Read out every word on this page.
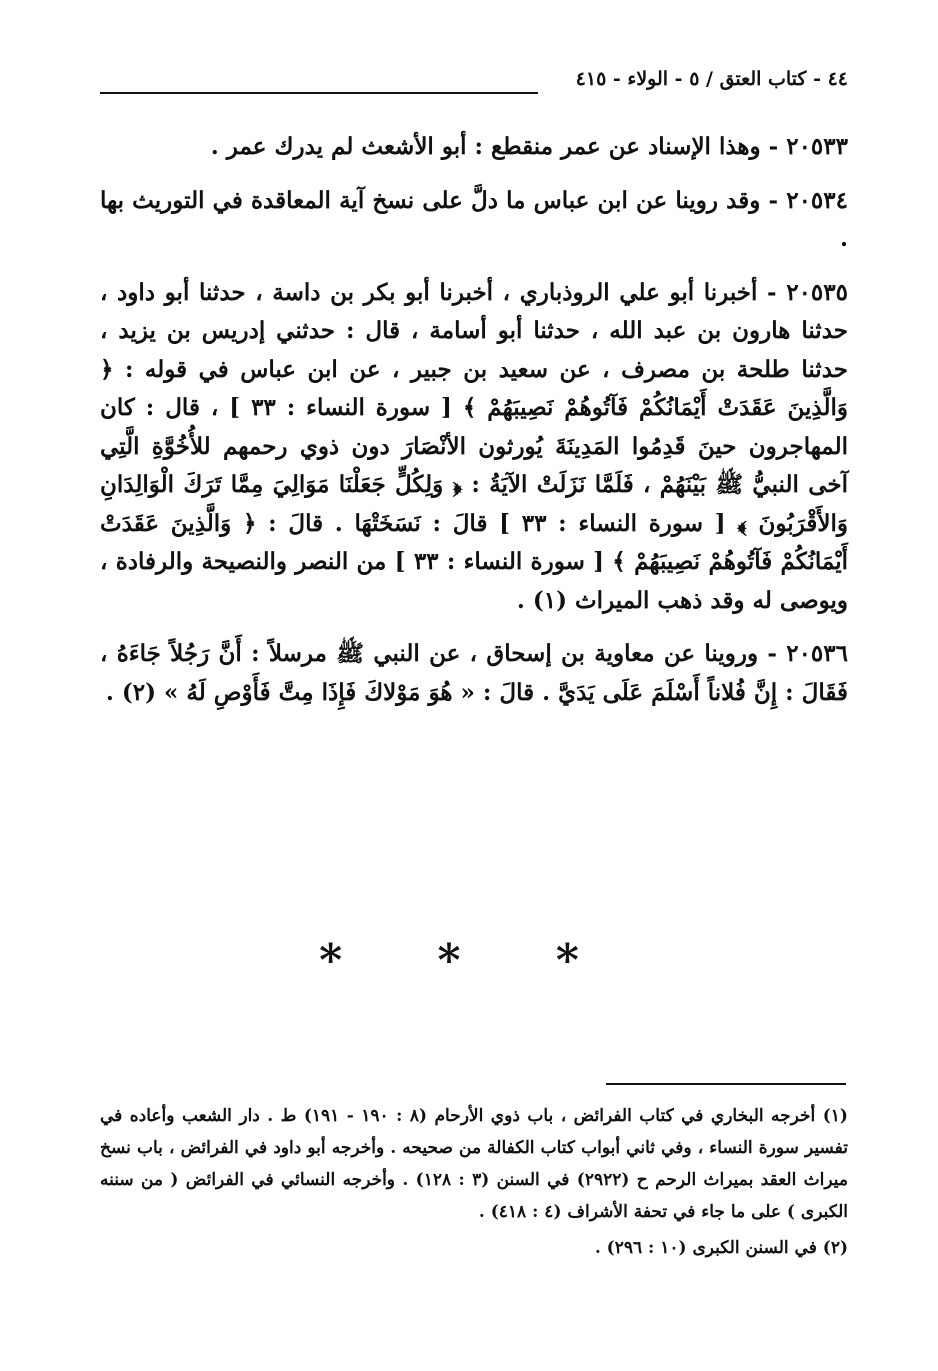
٤٤ - كتاب العتق / ٥ - الولاء - ٤١٥

٢٠٥٣٣ - وهذا الإسناد عن عمر منقطع : أبو الأشعث لم يدرك عمر .

٢٠٥٣٤ - وقد روينا عن ابن عباس ما دلَّ على نسخ آية المعاقدة في التوريث بها .

٢٠٥٣٥ - أخبرنا أبو علي الروذباري ، أخبرنا أبو بكر بن داسة ، حدثنا أبو داود ، حدثنا هارون بن عبد الله ، حدثنا أبو أسامة ، قال : حدثني إدريس بن يزيد ، حدثنا طلحة بن مصرف ، عن سعيد بن جبير ، عن ابن عباس في قوله : ﴿ وَالَّذِينَ عَقَدَتْ أَيْمَانُكُمْ فَآتُوهُمْ نَصِيبَهُمْ ﴾ [ سورة النساء : ٣٣ ] ، قال : كان المهاجرون حينَ قَدِمُوا المَدِينَةَ يُورثون الأنْصَارَ دون ذوي رحمهم للأُخُوَّةِ الَّتِي آخى النبيُّ ﷺ بَيْنَهُمْ ، فَلَمَّا نَزَلَتْ الآيَةُ : ﴿ وَلِكُلٍّ جَعَلْنَا مَوَالِيَ مِمَّا تَرَكَ الْوَالِدَانِ وَالأَقْرَبُونَ ﴾ [ سورة النساء : ٣٣ ] قالَ : نَسَخَتْهَا . قالَ : ﴿ وَالَّذِينَ عَقَدَتْ أَيْمَانُكُمْ فَآتُوهُمْ نَصِيبَهُمْ ﴾ [ سورة النساء : ٣٣ ] من النصر والنصيحة والرفادة ، ويوصى له وقد ذهب الميراث (١) .

٢٠٥٣٦ - وروينا عن معاوية بن إسحاق ، عن النبي ﷺ مرسلاً : أَنَّ رَجُلاً جَاءَهُ ، فَقَالَ : إِنَّ فُلاناً أَسْلَمَ عَلَى يَدَيَّ . قالَ : « هُوَ مَوْلاكَ فَإِذَا مِتَّ فَأَوْصِ لَهُ » (٢) .

* * *

(١) أخرجه البخاري في كتاب الفرائض ، باب ذوي الأرحام (٨ : ١٩٠ - ١٩١) ط . دار الشعب وأعاده في تفسير سورة النساء ، وفي ثاني أبواب كتاب الكفالة من صحيحه . وأخرجه أبو داود في الفرائض ، باب نسخ ميراث العقد بميراث الرحم ح (٢٩٢٢) في السنن (٣ : ١٢٨) . وأخرجه النسائي في الفرائض ( من سننه الكبرى ) على ما جاء في تحفة الأشراف (٤ : ٤١٨) .

(٢) في السنن الكبرى (١٠ : ٢٩٦) .
